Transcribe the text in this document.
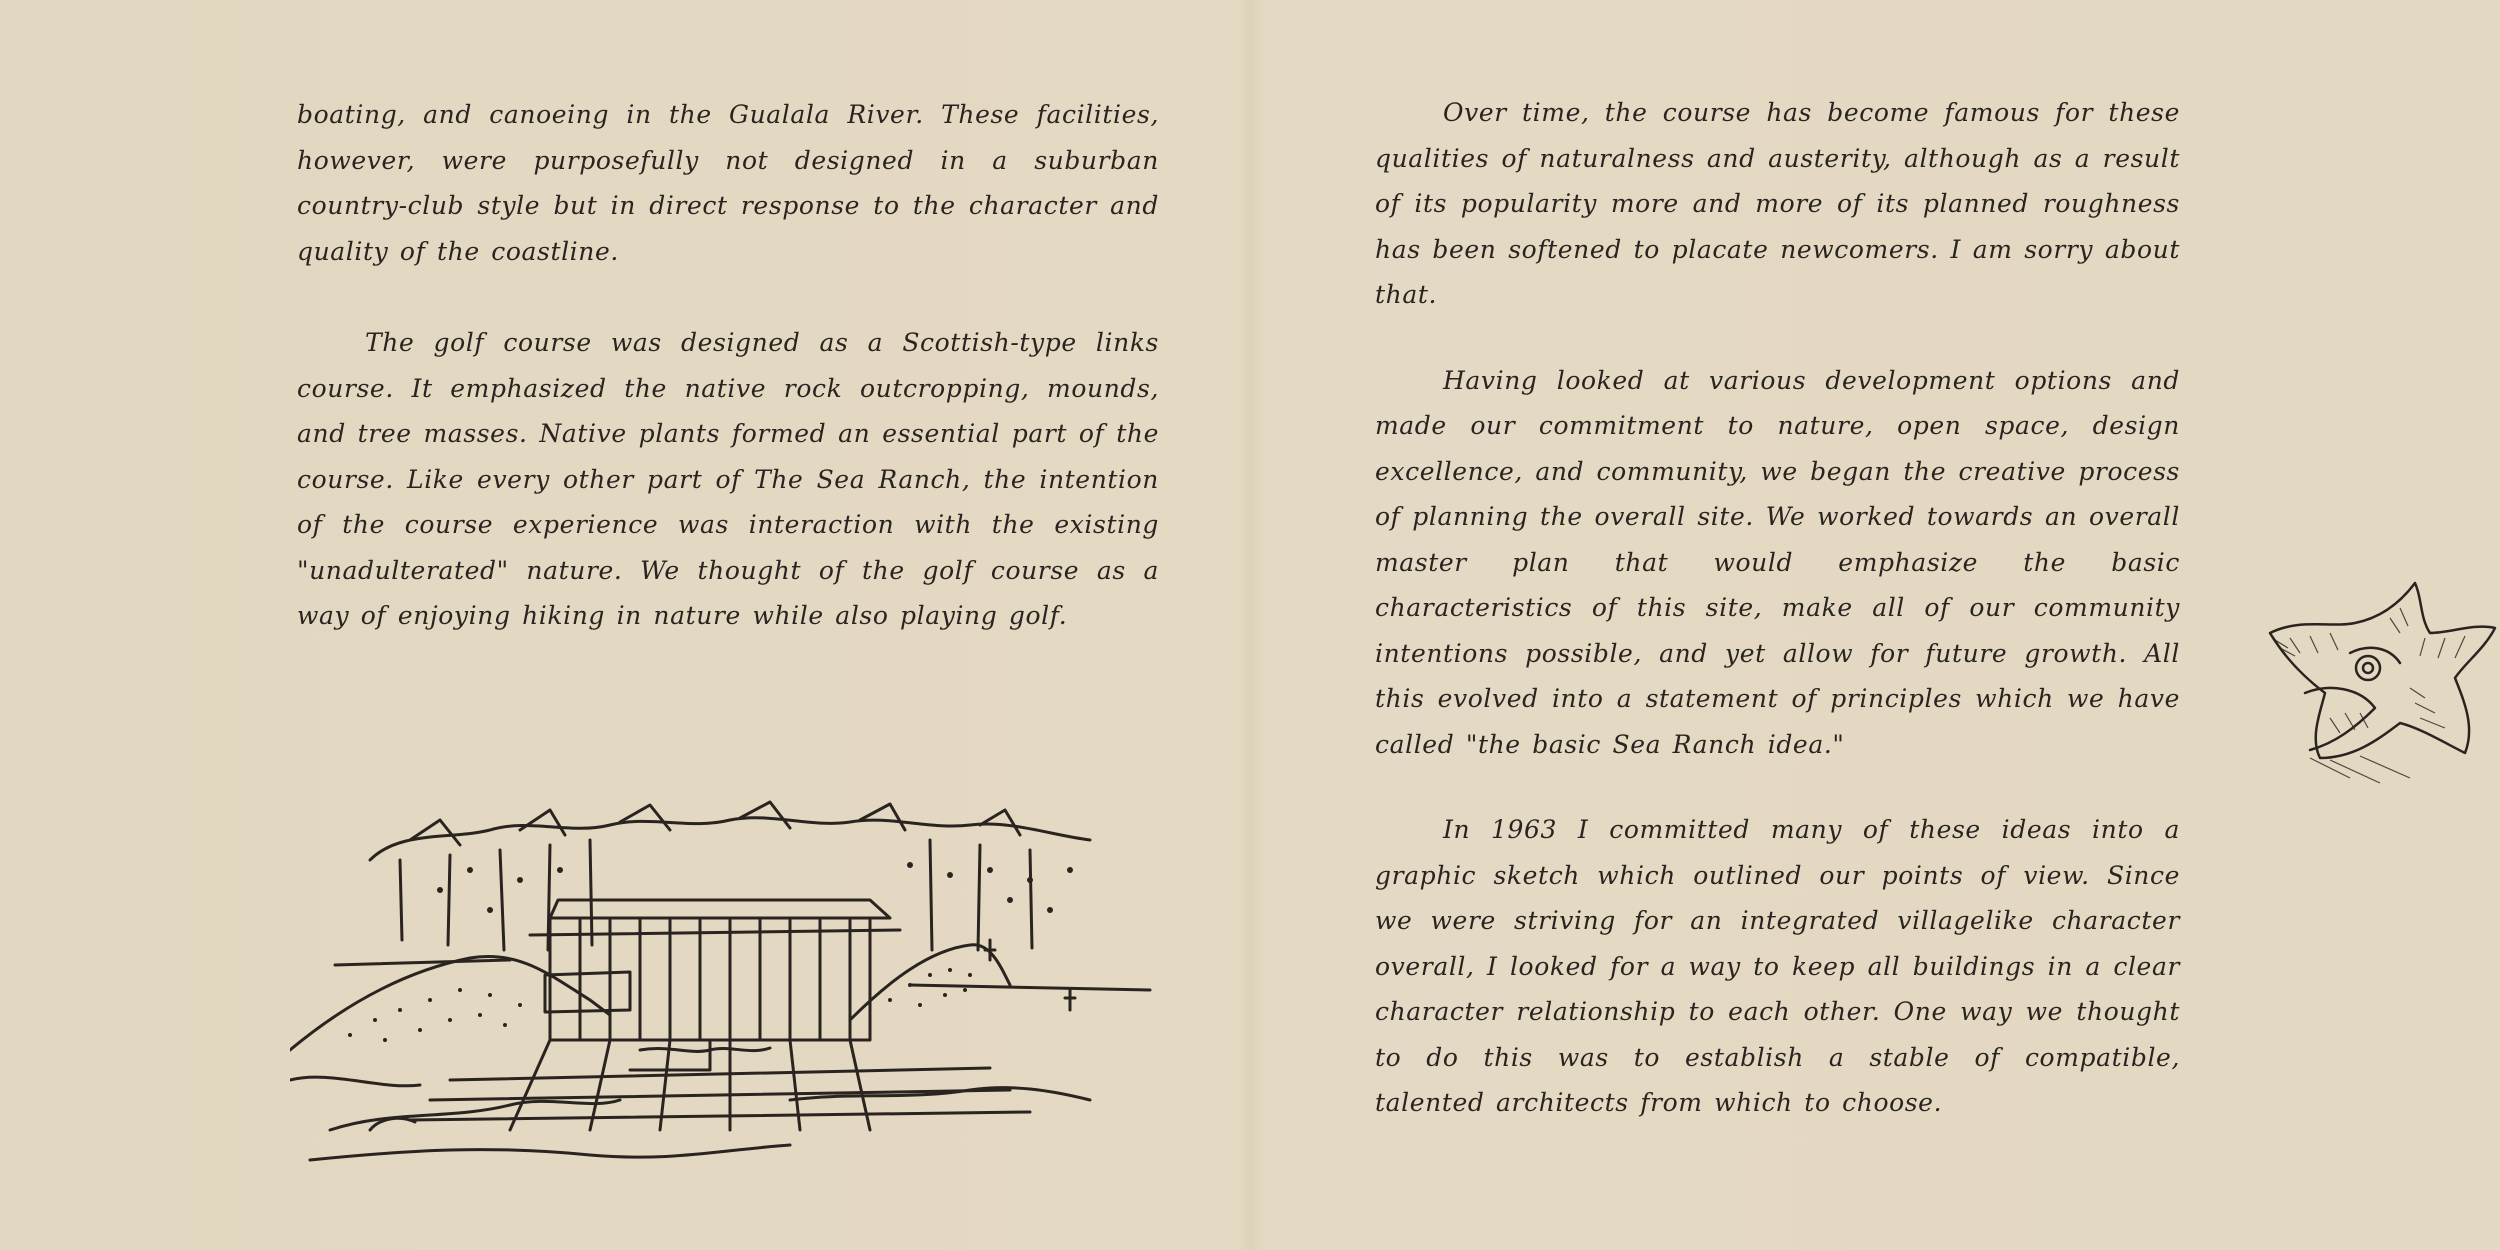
boating, and canoeing in the Gualala River. These facilities, however, were purposefully not designed in a suburban country-club style but in direct response to the character and quality of the coastline.

The golf course was designed as a Scottish-type links course. It emphasized the native rock outcropping, mounds, and tree masses. Native plants formed an essential part of the course. Like every other part of The Sea Ranch, the intention of the course experience was interaction with the existing "unadulterated" nature. We thought of the golf course as a way of enjoying hiking in nature while also playing golf.

Over time, the course has become famous for these qualities of naturalness and austerity, although as a result of its popularity more and more of its planned roughness has been softened to placate newcomers. I am sorry about that.

Having looked at various development options and made our commitment to nature, open space, design excellence, and community, we began the creative process of planning the overall site. We worked towards an overall master plan that would emphasize the basic characteristics of this site, make all of our community intentions possible, and yet allow for future growth. All this evolved into a statement of principles which we have called "the basic Sea Ranch idea."

In 1963 I committed many of these ideas into a graphic sketch which outlined our points of view. Since we were striving for an integrated villagelike character overall, I looked for a way to keep all buildings in a clear character relationship to each other. One way we thought to do this was to establish a stable of compatible, talented architects from which to choose.
